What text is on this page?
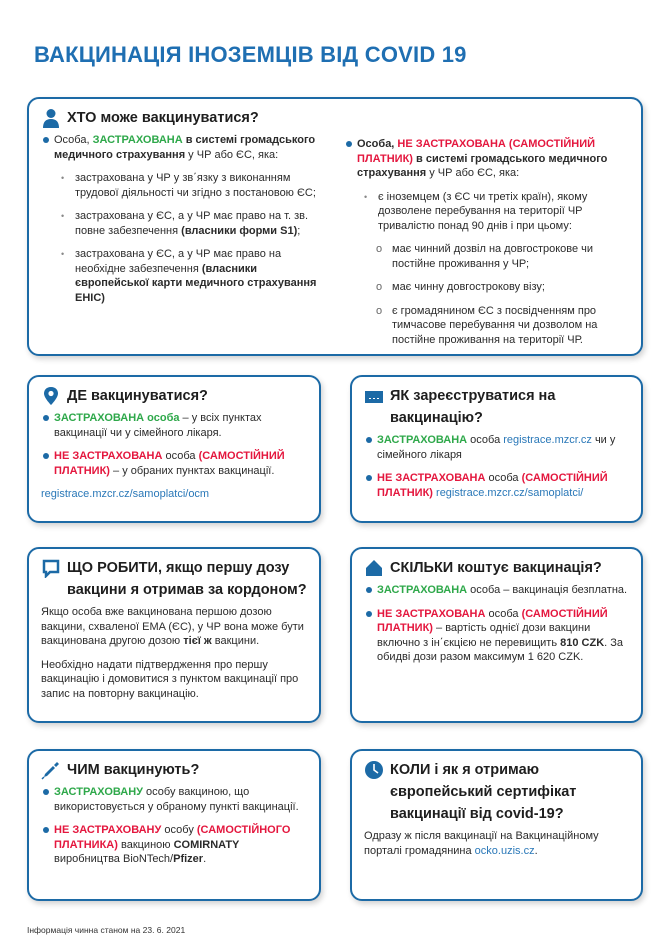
ВАКЦИНАЦІЯ ІНОЗЕМЦІВ ВІД COVID 19
ХТО може вакцинуватися?
Особа, ЗАСТРАХОВАНА в системі громадського медичного страхування у ЧР або ЄС, яка:
• застрахована у ЧР у зв΄язку з виконанням трудової діяльності чи згідно з постановою ЄС;
• застрахована у ЄС, а у ЧР має право на т. зв. повне забезпечення (власники форми S1);
• застрахована у ЄС, а у ЧР має право на необхідне забезпечення (власники європейської карти медичного страхування EHIC)
Особа, НЕ ЗАСТРАХОВАНА (САМОСТІЙНИЙ ПЛАТНИК) в системі громадського медичного страхування у ЧР або ЄС, яка:
• є іноземцем (з ЄС чи третіх країн), якому дозволене перебування на території ЧР тривалістю понад 90 днів і при цьому:
o має чинний дозвіл на довгострокове чи постійне проживання у ЧР;
o має чинну довгострокову візу;
o є громадянином ЄС з посвідченням про тимчасове перебування чи дозволом на постійне проживання на території ЧР.
ДЕ вакцинуватися?
ЗАСТРАХОВАНА особа – у всіх пунктах вакцинації чи у сімейного лікаря.
НЕ ЗАСТРАХОВАНА особа (САМОСТІЙНИЙ ПЛАТНИК) – у обраних пунктах вакцинації.
registrace.mzcr.cz/samoplatci/ocm
ЯК зареєструватися на вакцинацію?
ЗАСТРАХОВАНА особа registrace.mzcr.cz чи у сімейного лікаря
НЕ ЗАСТРАХОВАНА особа (САМОСТІЙНИЙ ПЛАТНИК) registrace.mzcr.cz/samoplatci/
ЩО РОБИТИ, якщо першу дозу вакцини я отримав за кордоном?
Якщо особа вже вакцинована першою дозою вакцини, схваленої EMA (ЄС), у ЧР вона може бути вакцинована другою дозою тієї ж вакцини.
Необхідно надати підтвердження про першу вакцинацію і домовитися з пунктом вакцинації про запис на повторну вакцинацію.
СКІЛЬКИ коштує вакцинація?
ЗАСТРАХОВАНА особа – вакцинація безплатна.
НЕ ЗАСТРАХОВАНА особа (САМОСТІЙНИЙ ПЛАТНИК) – вартість однієї дози вакцини включно з ін΄єкцією не перевищить 810 CZK. За обидві дози разом максимум 1 620 CZK.
ЧИМ вакцинують?
ЗАСТРАХОВАНУ особу вакциною, що використовується у обраному пункті вакцинації.
НЕ ЗАСТРАХОВАНУ особу (САМОСТІЙНОГО ПЛАТНИКА) вакциною COMIRNATY виробництва BioNTech/Pfizer.
КОЛИ і як я отримаю європейський сертифікат вакцинації від covid-19?
Одразу ж після вакцинації на Вакцинаційному порталі громадянина ocko.uzis.cz.
Інформація чинна станом на 23. 6. 2021
